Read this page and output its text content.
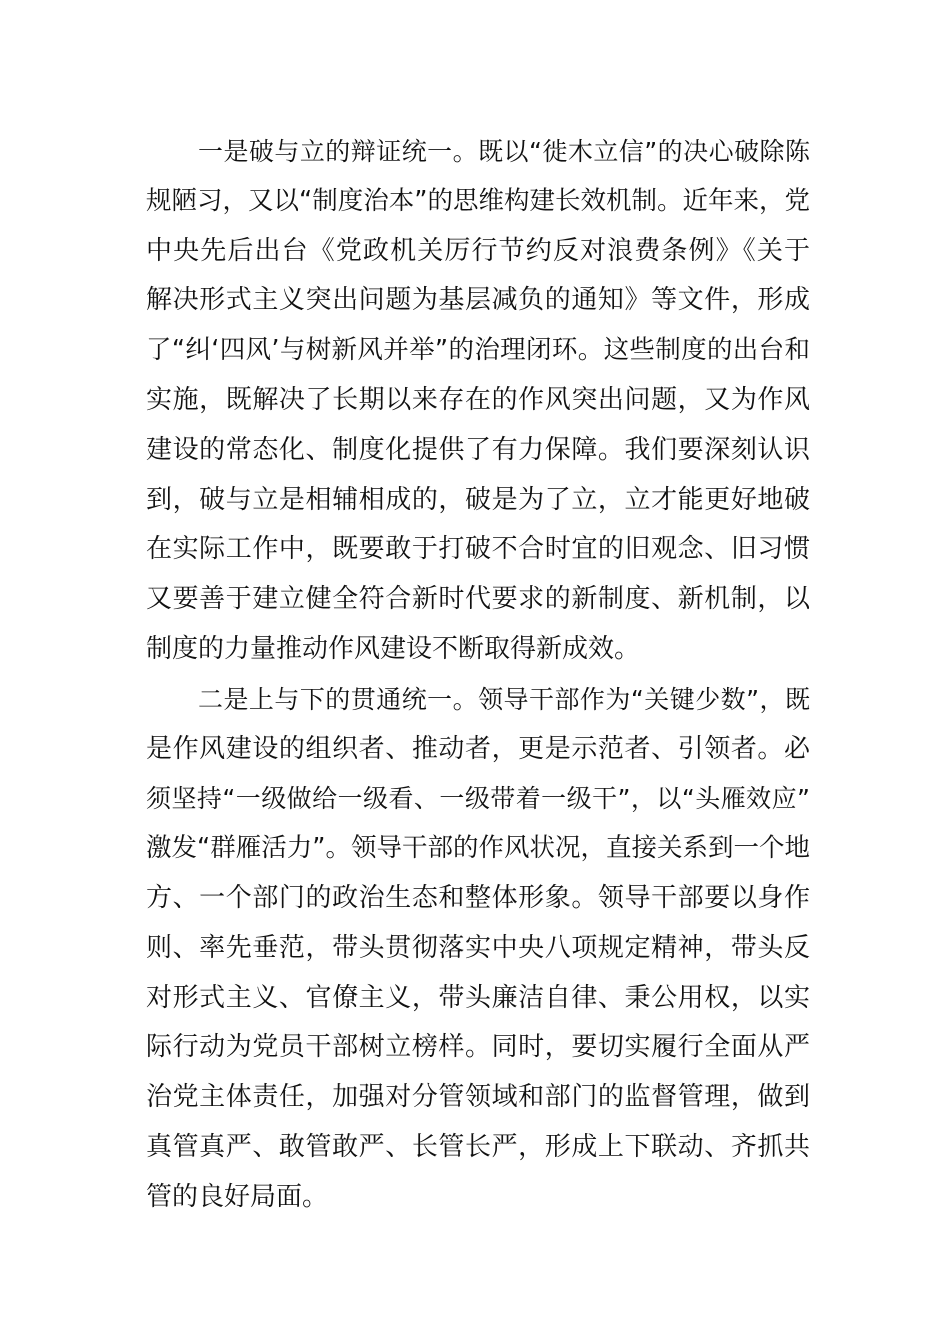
一是破与立的辩证统一。既以“徙木立信”的决心破除陈
规陋习，又以“制度治本”的思维构建长效机制。近年来，党
中央先后出台《党政机关厉行节约反对浪费条例》《关于
解决形式主义突出问题为基层减负的通知》等文件，形成
了“纠‘四风’与树新风并举”的治理闭环。这些制度的出台和
实施，既解决了长期以来存在的作风突出问题，又为作风
建设的常态化、制度化提供了有力保障。我们要深刻认识
到，破与立是相辅相成的，破是为了立，立才能更好地破
在实际工作中，既要敢于打破不合时宜的旧观念、旧习惯
又要善于建立健全符合新时代要求的新制度、新机制，以
制度的力量推动作风建设不断取得新成效。
二是上与下的贯通统一。领导干部作为“关键少数”，既
是作风建设的组织者、推动者，更是示范者、引领者。必
须坚持“一级做给一级看、一级带着一级干”，以“头雁效应”
激发“群雁活力”。领导干部的作风状况，直接关系到一个地
方、一个部门的政治生态和整体形象。领导干部要以身作
则、率先垂范，带头贯彻落实中央八项规定精神，带头反
对形式主义、官僚主义，带头廉洁自律、秉公用权，以实
际行动为党员干部树立榜样。同时，要切实履行全面从严
治党主体责任，加强对分管领域和部门的监督管理，做到
真管真严、敢管敢严、长管长严，形成上下联动、齐抓共
管的良好局面。
